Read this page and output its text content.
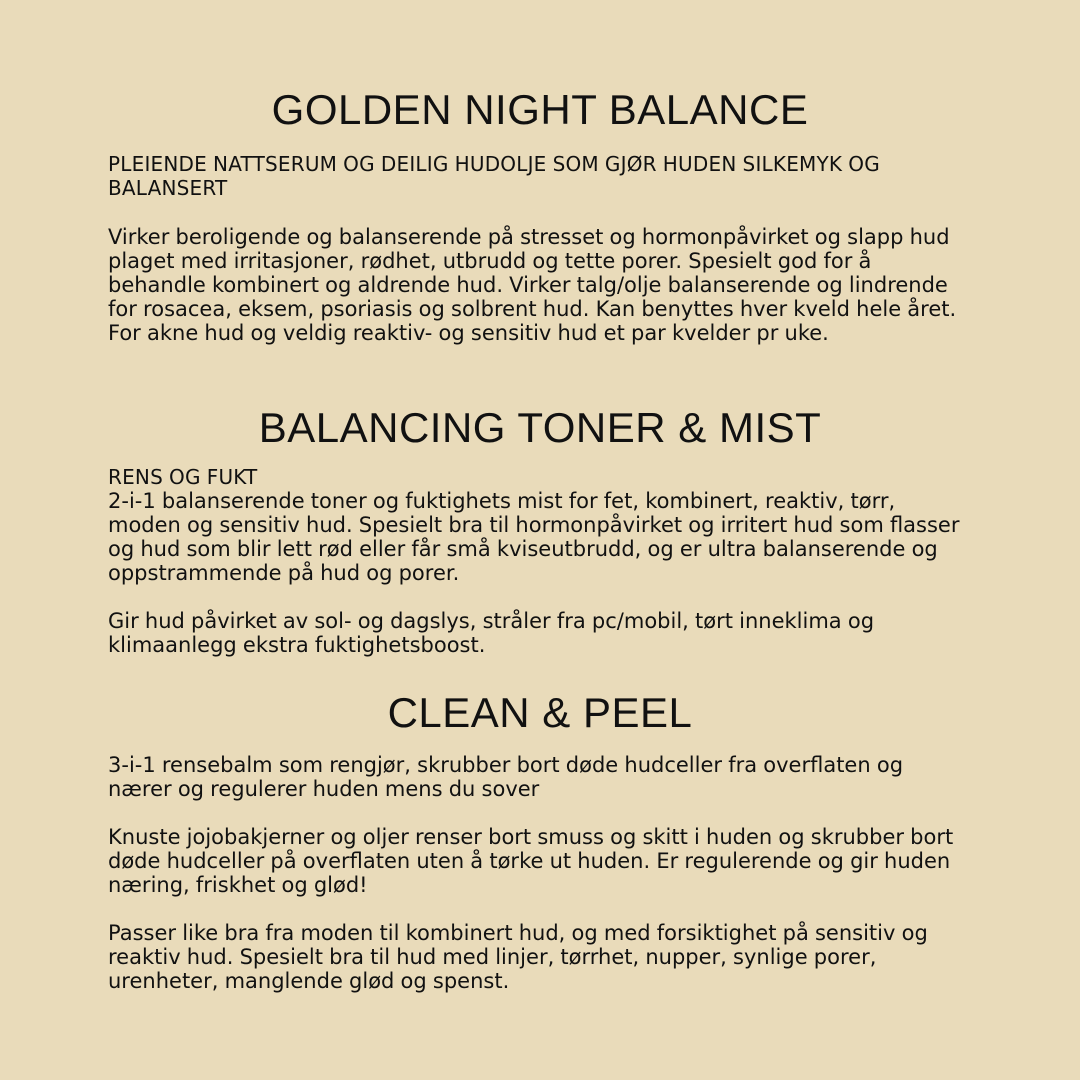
GOLDEN NIGHT BALANCE

PLEIENDE NATTSERUM OG DEILIG HUDOLJE SOM GJØR HUDEN SILKEMYK OG BALANSERT

Virker beroligende og balanserende på stresset og hormonpåvirket og slapp hud plaget med irritasjoner, rødhet, utbrudd og tette porer. Spesielt god for å behandle kombinert og aldrende hud. Virker talg/olje balanserende og lindrende for rosacea, eksem, psoriasis og solbrent hud. Kan benyttes hver kveld hele året. For akne hud og veldig reaktiv- og sensitiv hud et par kvelder pr uke.

BALANCING TONER & MIST

RENS OG FUKT

2-i-1 balanserende toner og fuktighets mist for fet, kombinert, reaktiv, tørr, moden og sensitiv hud. Spesielt bra til hormonpåvirket og irritert hud som flasser og hud som blir lett rød eller får små kviseutbrudd, og er ultra balanserende og oppstrammende på hud og porer.

Gir hud påvirket av sol- og dagslys, stråler fra pc/mobil, tørt inneklima og klimaanlegg ekstra fuktighetsboost.

CLEAN & PEEL

3-i-1 rensebalm som rengjør, skrubber bort døde hudceller fra overflaten og nærer og regulerer huden mens du sover

Knuste jojobakjerner og oljer renser bort smuss og skitt i huden og skrubber bort døde hudceller på overflaten uten å tørke ut huden. Er regulerende og gir huden næring, friskhet og glød!

Passer like bra fra moden til kombinert hud, og med forsiktighet på sensitiv og reaktiv hud. Spesielt bra til hud med linjer, tørrhet, nupper, synlige porer, urenheter, manglende glød og spenst.
